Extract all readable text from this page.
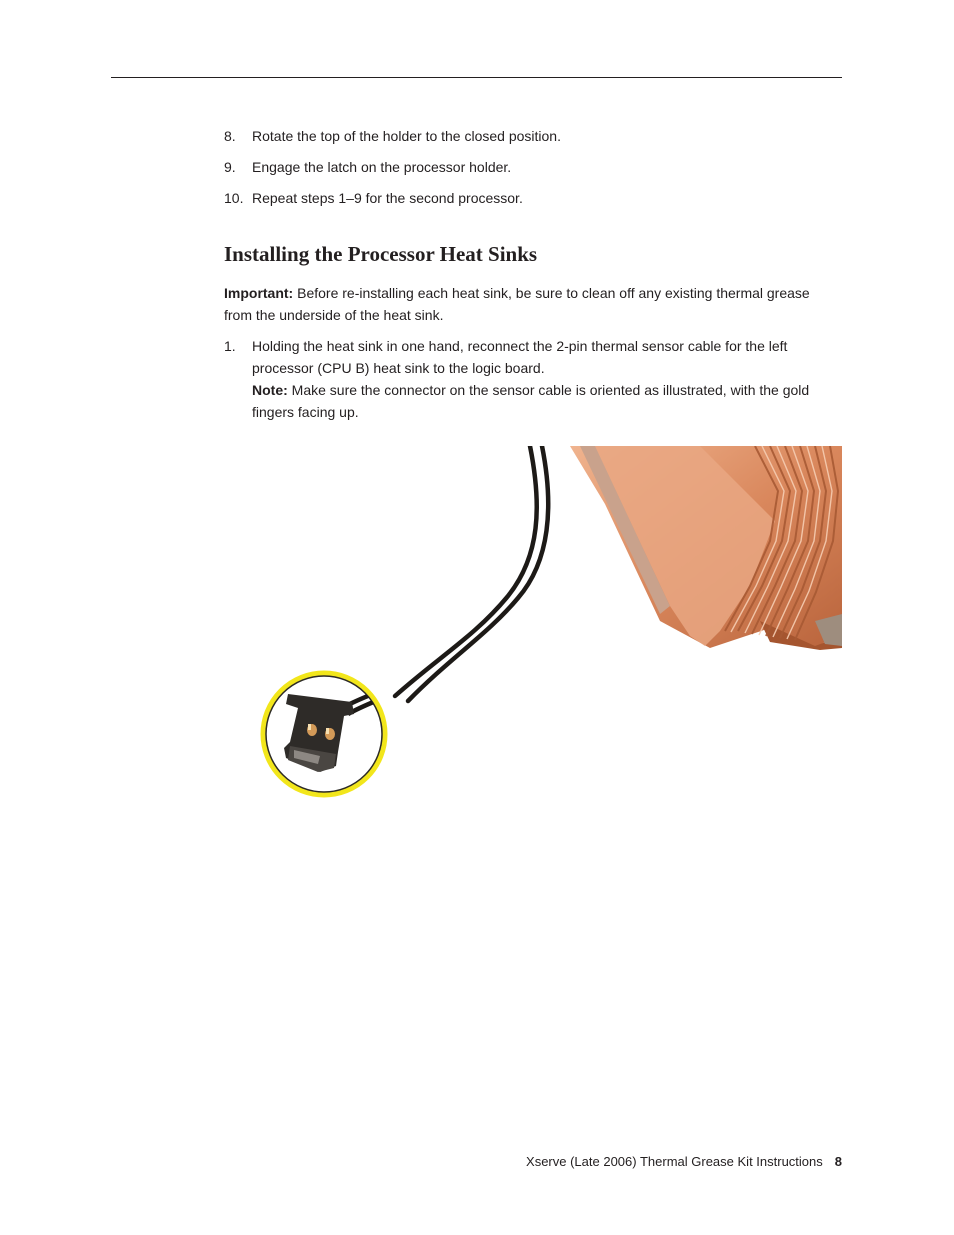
8. Rotate the top of the holder to the closed position.
9. Engage the latch on the processor holder.
10. Repeat steps 1–9 for the second processor.
Installing the Processor Heat Sinks

Important: Before re-installing each heat sink, be sure to clean off any existing thermal grease from the underside of the heat sink.

1. Holding the heat sink in one hand, reconnect the 2-pin thermal sensor cable for the left processor (CPU B) heat sink to the logic board.
Note: Make sure the connector on the sensor cable is oriented as illustrated, with the gold fingers facing up.
Xserve (Late 2006) Thermal Grease Kit Instructions 8
